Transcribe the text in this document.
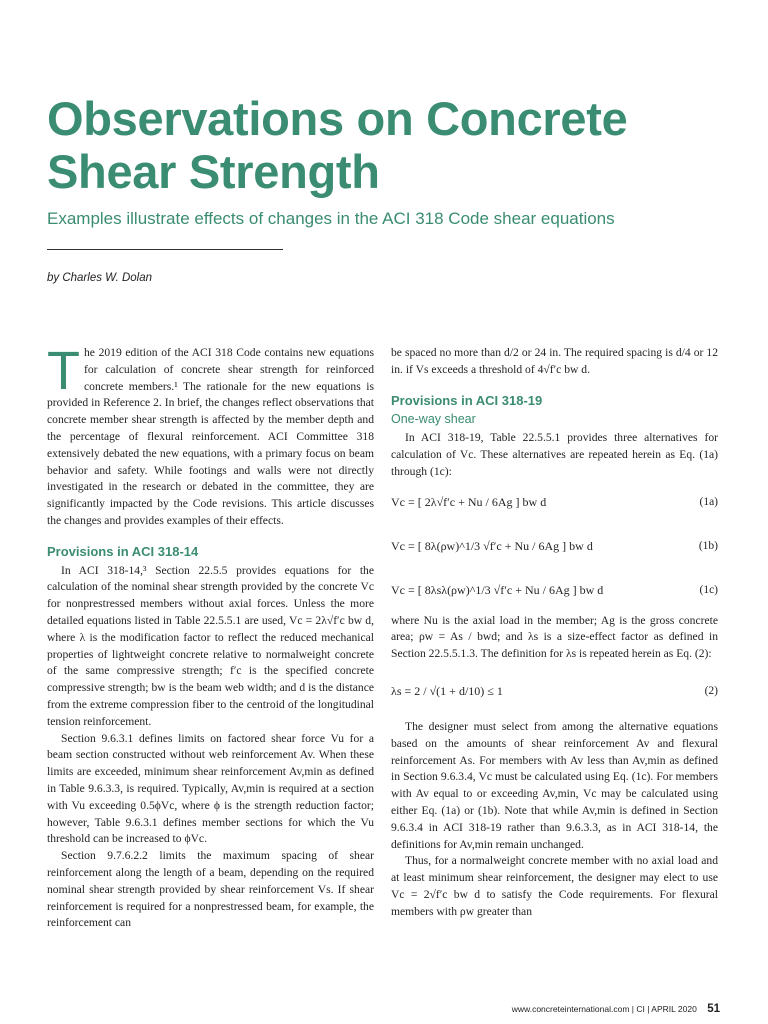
Observations on Concrete
Shear Strength

Examples illustrate effects of changes in the ACI 318 Code shear equations

by Charles W. Dolan

T he 2019 edition of the ACI 318 Code contains new equations for calculation of concrete shear strength for reinforced concrete members.¹ The rationale for the new equations is provided in Reference 2. In brief, the changes reflect observations that concrete member shear strength is affected by the member depth and the percentage of flexural reinforcement. ACI Committee 318 extensively debated the new equations, with a primary focus on beam behavior and safety. While footings and walls were not directly investigated in the research or debated in the committee, they are significantly impacted by the Code revisions. This article discusses the changes and provides examples of their effects.

Provisions in ACI 318-14

In ACI 318-14,³ Section 22.5.5 provides equations for the calculation of the nominal shear strength provided by the concrete Vc for nonprestressed members without axial forces. Unless the more detailed equations listed in Table 22.5.5.1 are used, Vc = 2λ√f′c bw d, where λ is the modification factor to reflect the reduced mechanical properties of lightweight concrete relative to normalweight concrete of the same compressive strength; f′c is the specified concrete compressive strength; bw is the beam web width; and d is the distance from the extreme compression fiber to the centroid of the longitudinal tension reinforcement.

Section 9.6.3.1 defines limits on factored shear force Vu for a beam section constructed without web reinforcement Av. When these limits are exceeded, minimum shear reinforcement Av,min as defined in Table 9.6.3.3, is required. Typically, Av,min is required at a section with Vu exceeding 0.5ϕVc, where ϕ is the strength reduction factor; however, Table 9.6.3.1 defines member sections for which the Vu threshold can be increased to ϕVc.

Section 9.7.6.2.2 limits the maximum spacing of shear reinforcement along the length of a beam, depending on the required nominal shear strength provided by shear reinforcement Vs. If shear reinforcement is required for a nonprestressed beam, for example, the reinforcement can

be spaced no more than d/2 or 24 in. The required spacing is d/4 or 12 in. if Vs exceeds a threshold of 4√f′c bw d.

Provisions in ACI 318-19
One-way shear

In ACI 318-19, Table 22.5.5.1 provides three alternatives for calculation of Vc. These alternatives are repeated herein as Eq. (1a) through (1c):

Vc = [ 2λ√f′c + Nu / 6Ag ] bw d	(1a)
Vc = [ 8λ(ρw)^1/3 √f′c + Nu / 6Ag ] bw d	(1b)
Vc = [ 8λsλ(ρw)^1/3 √f′c + Nu / 6Ag ] bw d	(1c)

where Nu is the axial load in the member; Ag is the gross concrete area; ρw = As / bwd; and λs is a size-effect factor as defined in Section 22.5.5.1.3. The definition for λs is repeated herein as Eq. (2):

λs = 2 / √(1 + d/10) ≤ 1	(2)

The designer must select from among the alternative equations based on the amounts of shear reinforcement Av and flexural reinforcement As. For members with Av less than Av,min as defined in Section 9.6.3.4, Vc must be calculated using Eq. (1c). For members with Av equal to or exceeding Av,min, Vc may be calculated using either Eq. (1a) or (1b). Note that while Av,min is defined in Section 9.6.3.4 in ACI 318-19 rather than 9.6.3.3, as in ACI 318-14, the definitions for Av,min remain unchanged.

Thus, for a normalweight concrete member with no axial load and at least minimum shear reinforcement, the designer may elect to use Vc = 2√f′c bw d to satisfy the Code requirements. For flexural members with ρw greater than

www.concreteinternational.com | CI | APRIL 2020 51
